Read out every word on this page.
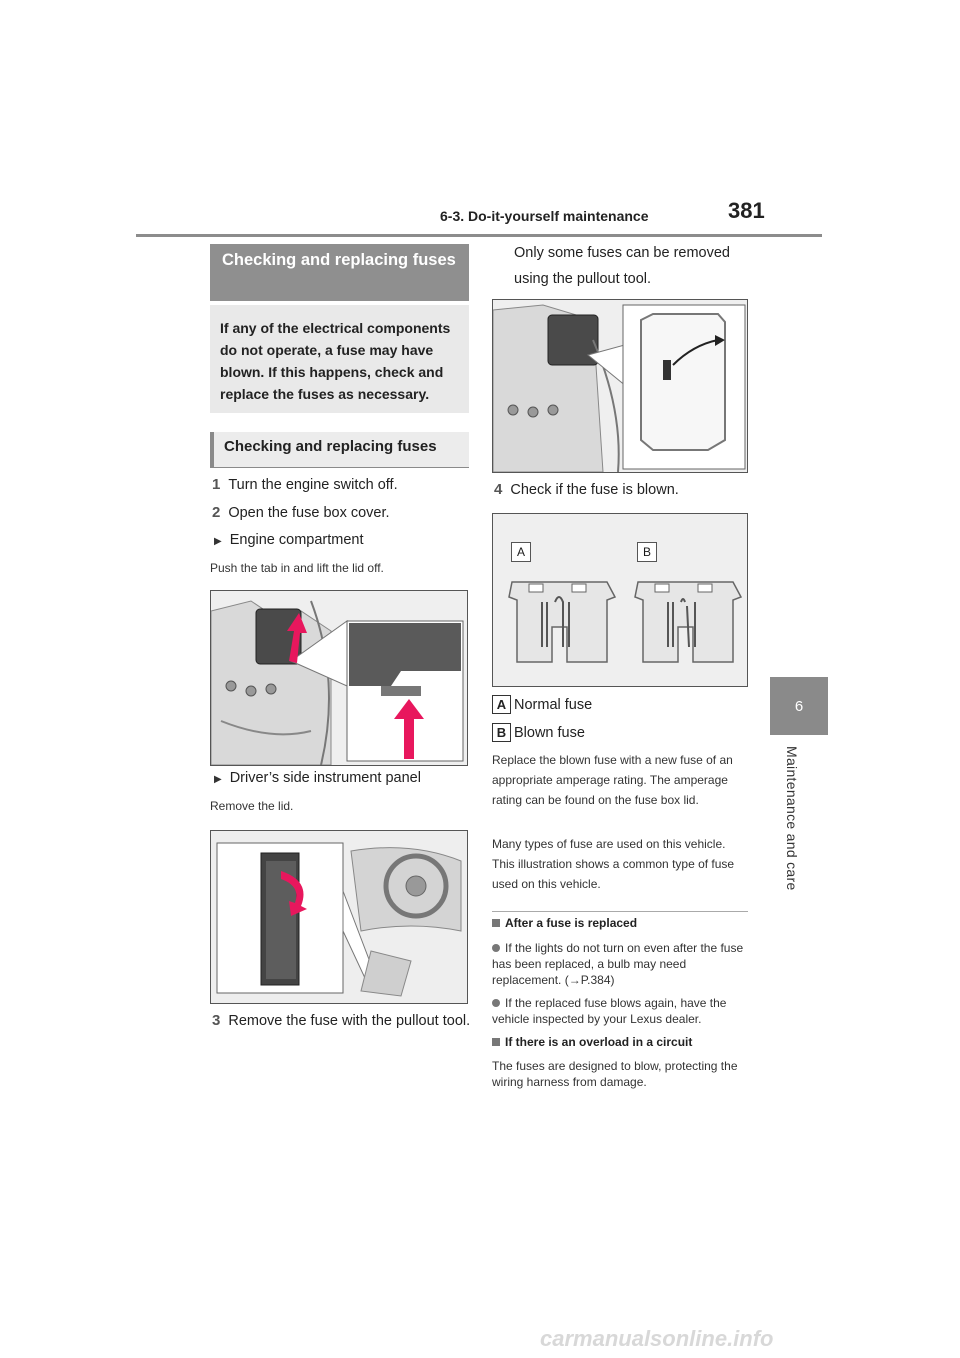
6-3. Do-it-yourself maintenance	381
6
Maintenance and care
Checking and replacing fuses
If any of the electrical components do not operate, a fuse may have blown. If this happens, check and replace the fuses as necessary.
Checking and replacing fuses
1 Turn the engine switch off.
2 Open the fuse box cover.
▶ Engine compartment
Push the tab in and lift the lid off.
▶ Driver’s side instrument panel
Remove the lid.
3 Remove the fuse with the pullout tool.
Only some fuses can be removed using the pullout tool.
4 Check if the fuse is blown.
A	B
A Normal fuse
B Blown fuse
Replace the blown fuse with a new fuse of an appropriate amperage rating. The amperage rating can be found on the fuse box lid.
Many types of fuse are used on this vehicle. This illustration shows a common type of fuse used on this vehicle.
After a fuse is replaced
If the lights do not turn on even after the fuse has been replaced, a bulb may need replacement. (→P.384)
If the replaced fuse blows again, have the vehicle inspected by your Lexus dealer.
If there is an overload in a circuit
The fuses are designed to blow, protecting the wiring harness from damage.
carmanualsonline.info
